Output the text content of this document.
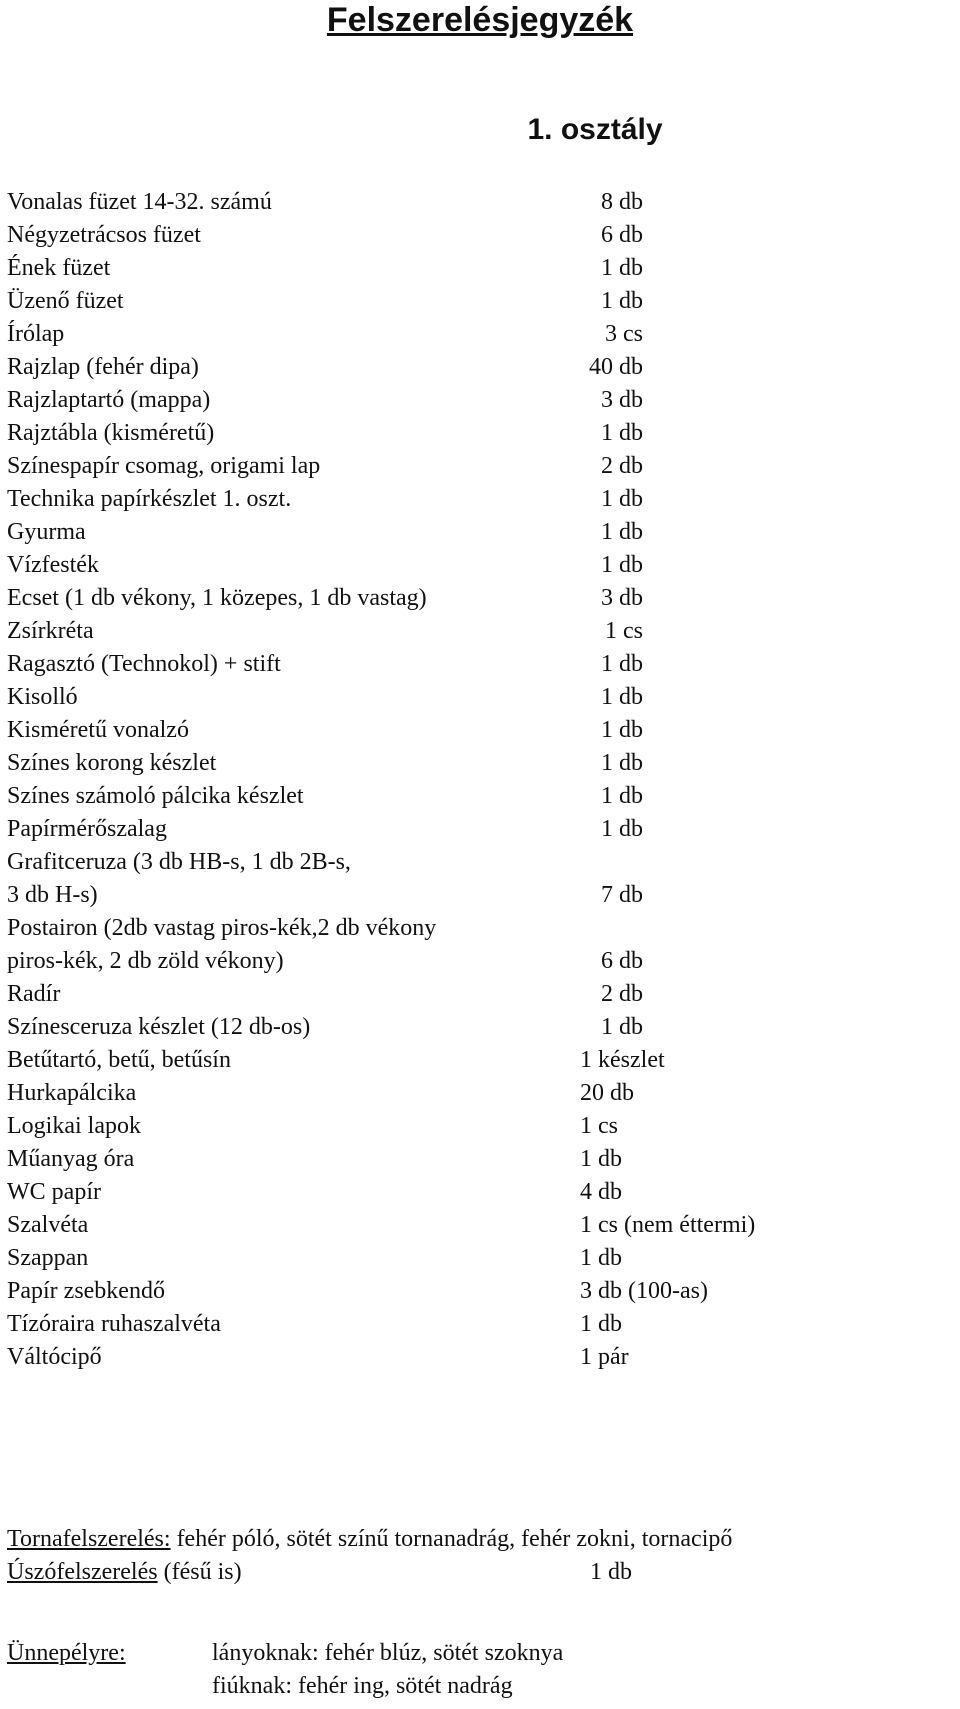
Felszerelésjegyzék
1. osztály
Vonalas füzet 14-32. számú	8 db
Négyzetrácsos füzet	6 db
Ének füzet	1 db
Üzenő füzet	1 db
Írólap	3 cs
Rajzlap (fehér dipa)	40 db
Rajzlaptartó (mappa)	3 db
Rajztábla (kisméretű)	1 db
Színespapír csomag, origami lap	2 db
Technika papírkészlet 1. oszt.	1 db
Gyurma	1 db
Vízfesték	1 db
Ecset (1 db vékony, 1 közepes, 1 db vastag)	3 db
Zsírkréta	1 cs
Ragasztó (Technokol) + stift	1 db
Kisolló	1 db
Kisméretű vonalzó	1 db
Színes korong készlet	1 db
Színes számoló pálcika készlet	1 db
Papírmérőszalag	1 db
Grafitceruza (3 db HB-s, 1 db 2B-s,
3 db H-s)	7 db
Postairon (2db vastag piros-kék,2 db vékony
piros-kék, 2 db zöld vékony)	6 db
Radír	2 db
Színesceruza készlet (12 db-os)	1 db
Betűtartó, betű, betűsín	1 készlet
Hurkapálcika	20 db
Logikai lapok	1 cs
Műanyag óra	1 db
WC papír	4 db
Szalvéta	1 cs (nem éttermi)
Szappan	1 db
Papír zsebkendő	3 db (100-as)
Tízóraira ruhaszalvéta	1 db
Váltócipő	1 pár
Tornafelszerelés: fehér póló, sötét színű tornanadrág, fehér zokni, tornacipő
Úszófelszerelés (fésű is)	1 db
Ünnepélyre:	lányoknak: fehér blúz, sötét szoknya
fiúknak: fehér ing, sötét nadrág
